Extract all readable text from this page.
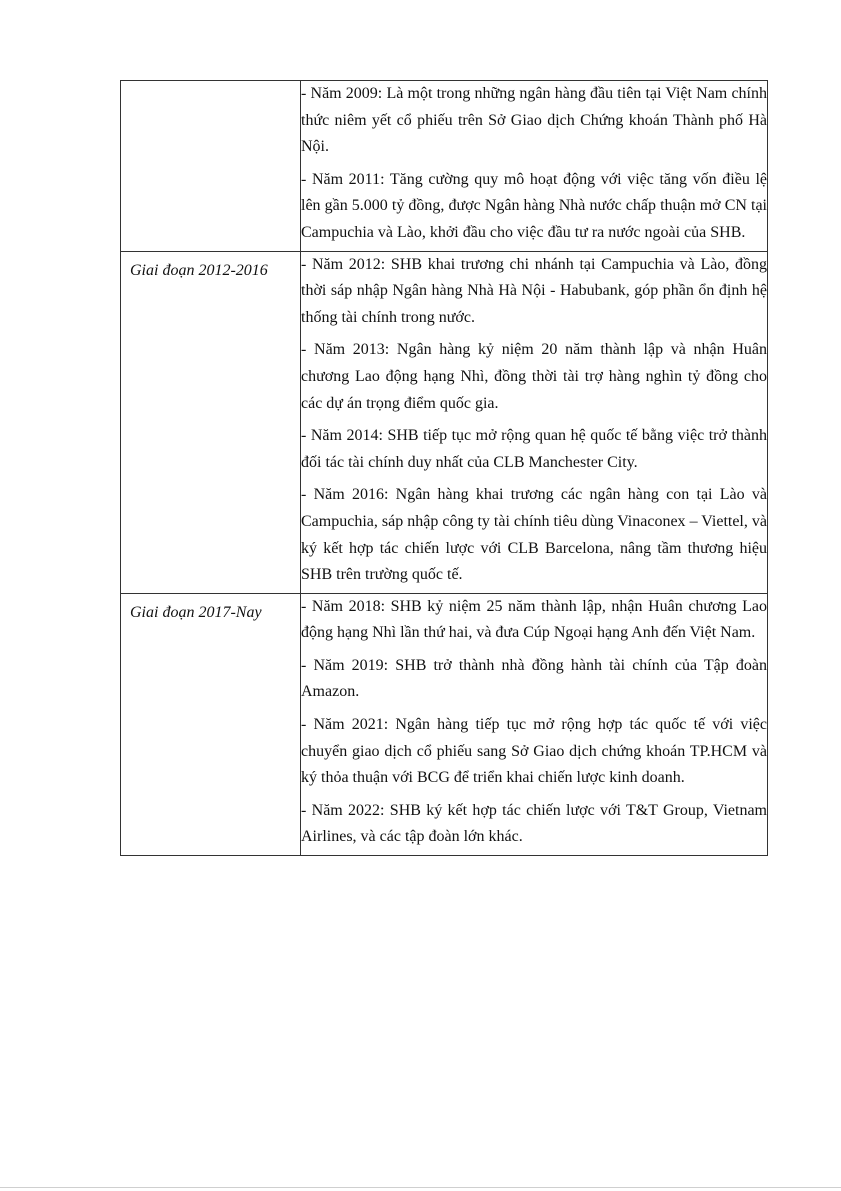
	- Năm 2009: Là một trong những ngân hàng đầu tiên tại Việt Nam chính thức niêm yết cổ phiếu trên Sở Giao dịch Chứng khoán Thành phố Hà Nội.

- Năm 2011: Tăng cường quy mô hoạt động với việc tăng vốn điều lệ lên gần 5.000 tỷ đồng, được Ngân hàng Nhà nước chấp thuận mở CN tại Campuchia và Lào, khởi đầu cho việc đầu tư ra nước ngoài của SHB.

Giai đoạn 2012-2016	- Năm 2012: SHB khai trương chi nhánh tại Campuchia và Lào, đồng thời sáp nhập Ngân hàng Nhà Hà Nội - Habubank, góp phần ổn định hệ thống tài chính trong nước.

- Năm 2013: Ngân hàng kỷ niệm 20 năm thành lập và nhận Huân chương Lao động hạng Nhì, đồng thời tài trợ hàng nghìn tỷ đồng cho các dự án trọng điểm quốc gia.

- Năm 2014: SHB tiếp tục mở rộng quan hệ quốc tế bằng việc trở thành đối tác tài chính duy nhất của CLB Manchester City.

- Năm 2016: Ngân hàng khai trương các ngân hàng con tại Lào và Campuchia, sáp nhập công ty tài chính tiêu dùng Vinaconex – Viettel, và ký kết hợp tác chiến lược với CLB Barcelona, nâng tầm thương hiệu SHB trên trường quốc tế.

Giai đoạn 2017-Nay	- Năm 2018: SHB kỷ niệm 25 năm thành lập, nhận Huân chương Lao động hạng Nhì lần thứ hai, và đưa Cúp Ngoại hạng Anh đến Việt Nam.

- Năm 2019: SHB trở thành nhà đồng hành tài chính của Tập đoàn Amazon.

- Năm 2021: Ngân hàng tiếp tục mở rộng hợp tác quốc tế với việc chuyển giao dịch cổ phiếu sang Sở Giao dịch chứng khoán TP.HCM và ký thỏa thuận với BCG để triển khai chiến lược kinh doanh.

- Năm 2022: SHB ký kết hợp tác chiến lược với T&T Group, Vietnam Airlines, và các tập đoàn lớn khác.
